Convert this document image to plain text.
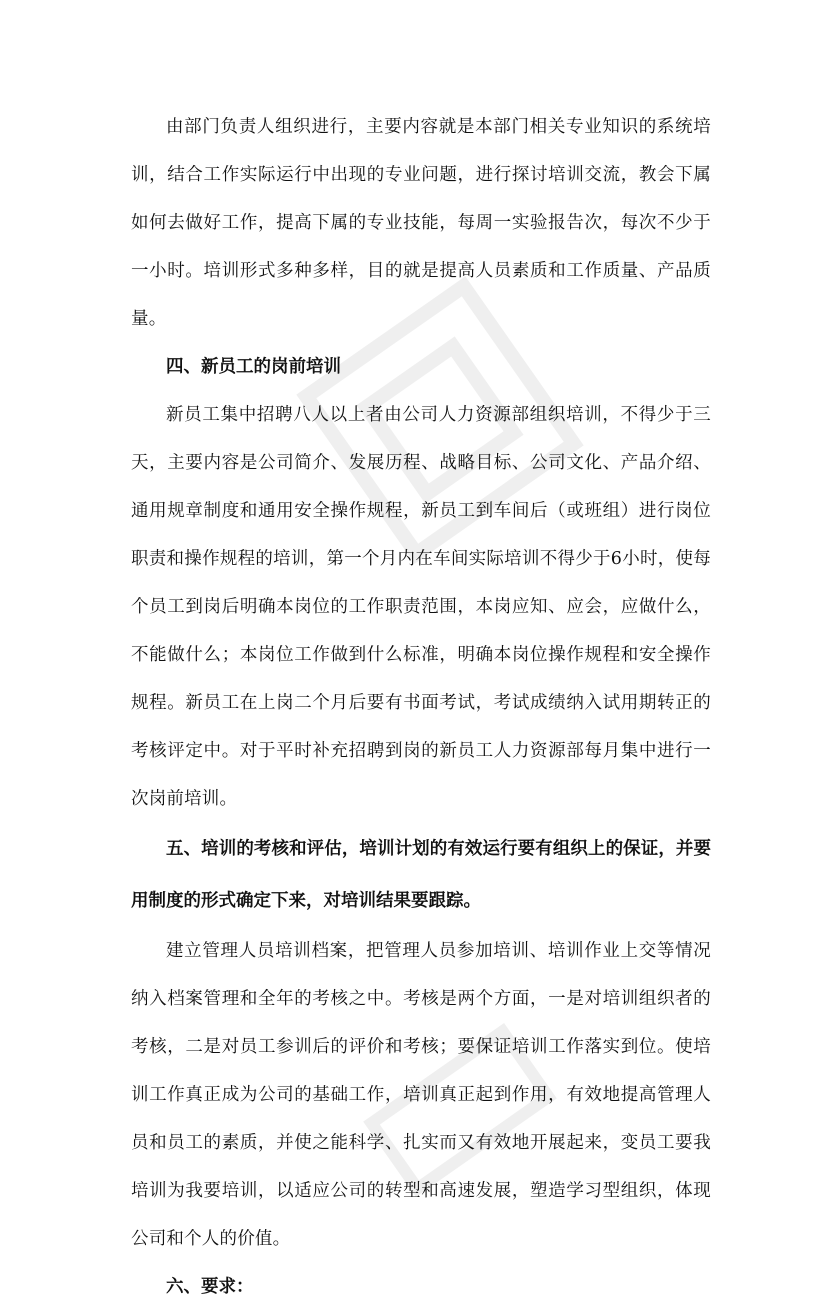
由部门负责人组织进行，主要内容就是本部门相关专业知识的系统培训，结合工作实际运行中出现的专业问题，进行探讨培训交流，教会下属如何去做好工作，提高下属的专业技能，每周一实验报告次，每次不少于一小时。培训形式多种多样，目的就是提高人员素质和工作质量、产品质量。

四、新员工的岗前培训

新员工集中招聘八人以上者由公司人力资源部组织培训，不得少于三天，主要内容是公司简介、发展历程、战略目标、公司文化、产品介绍、通用规章制度和通用安全操作规程，新员工到车间后（或班组）进行岗位职责和操作规程的培训，第一个月内在车间实际培训不得少于6小时，使每个员工到岗后明确本岗位的工作职责范围，本岗应知、应会，应做什么，不能做什么；本岗位工作做到什么标准，明确本岗位操作规程和安全操作规程。新员工在上岗二个月后要有书面考试，考试成绩纳入试用期转正的考核评定中。对于平时补充招聘到岗的新员工人力资源部每月集中进行一次岗前培训。

五、培训的考核和评估，培训计划的有效运行要有组织上的保证，并要用制度的形式确定下来，对培训结果要跟踪。

建立管理人员培训档案，把管理人员参加培训、培训作业上交等情况纳入档案管理和全年的考核之中。考核是两个方面，一是对培训组织者的考核，二是对员工参训后的评价和考核；要保证培训工作落实到位。使培训工作真正成为公司的基础工作，培训真正起到作用，有效地提高管理人员和员工的素质，并使之能科学、扎实而又有效地开展起来，变员工要我培训为我要培训，以适应公司的转型和高速发展，塑造学习型组织，体现公司和个人的价值。

六、要求：
